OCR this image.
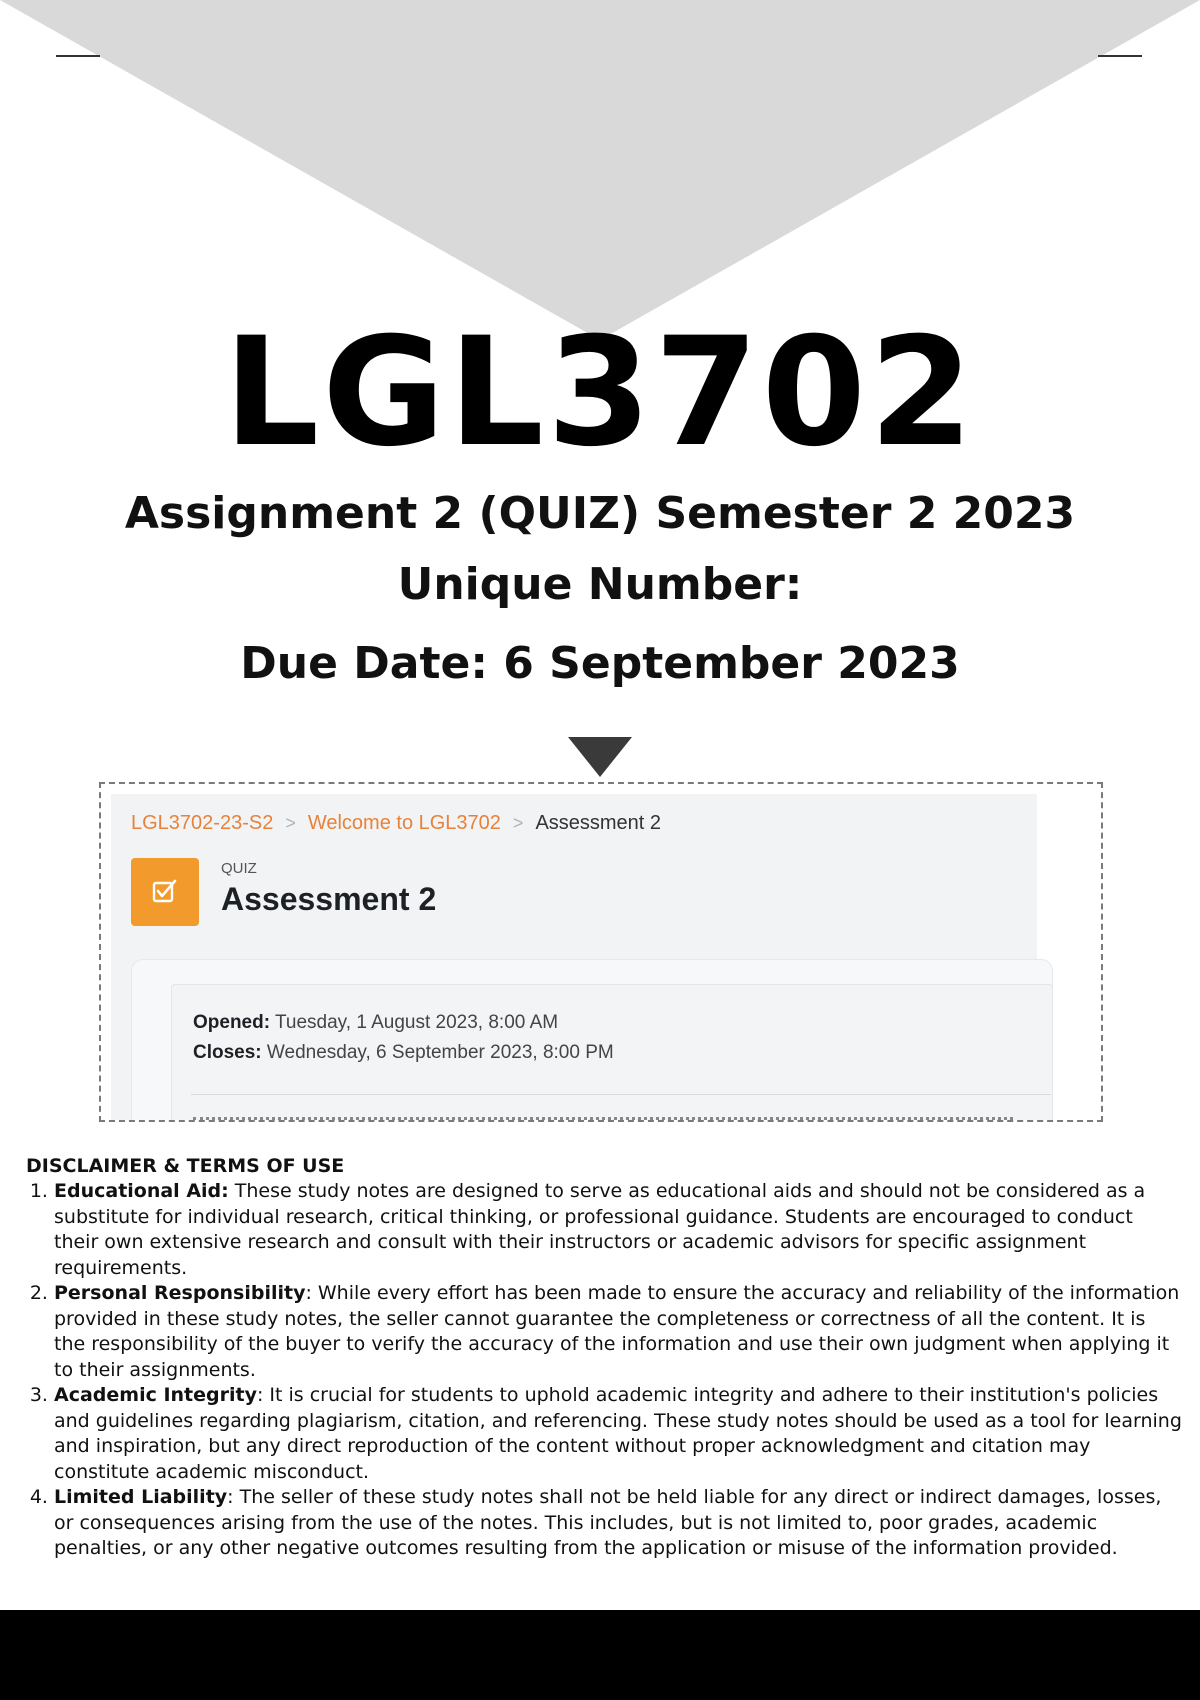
LGL3702
Assignment 2 (QUIZ) Semester 2 2023
Unique Number:
Due Date: 6 September 2023
LGL3702-23-S2 > Welcome to LGL3702 > Assessment 2
QUIZ
Assessment 2
Opened: Tuesday, 1 August 2023, 8:00 AM
Closes: Wednesday, 6 September 2023, 8:00 PM
DISCLAIMER & TERMS OF USE
1. Educational Aid: These study notes are designed to serve as educational aids and should not be considered as a substitute for individual research, critical thinking, or professional guidance. Students are encouraged to conduct their own extensive research and consult with their instructors or academic advisors for specific assignment requirements.
2. Personal Responsibility: While every effort has been made to ensure the accuracy and reliability of the information provided in these study notes, the seller cannot guarantee the completeness or correctness of all the content. It is the responsibility of the buyer to verify the accuracy of the information and use their own judgment when applying it to their assignments.
3. Academic Integrity: It is crucial for students to uphold academic integrity and adhere to their institution's policies and guidelines regarding plagiarism, citation, and referencing. These study notes should be used as a tool for learning and inspiration, but any direct reproduction of the content without proper acknowledgment and citation may constitute academic misconduct.
4. Limited Liability: The seller of these study notes shall not be held liable for any direct or indirect damages, losses, or consequences arising from the use of the notes. This includes, but is not limited to, poor grades, academic penalties, or any other negative outcomes resulting from the application or misuse of the information provided.
